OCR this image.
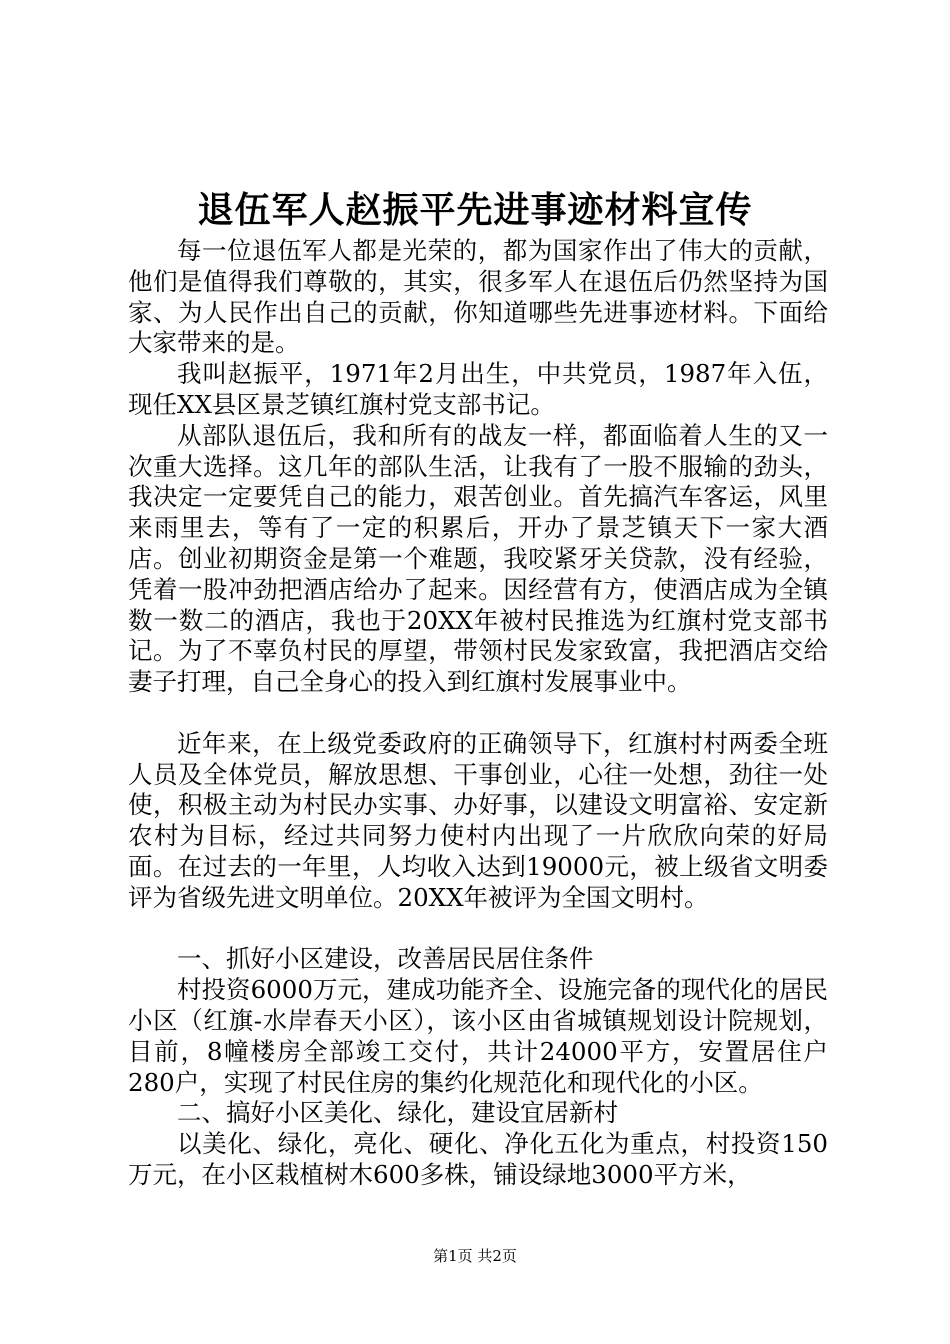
退伍军人赵振平先进事迹材料宣传

每一位退伍军人都是光荣的，都为国家作出了伟大的贡献，他们是值得我们尊敬的，其实，很多军人在退伍后仍然坚持为国家、为人民作出自己的贡献，你知道哪些先进事迹材料。下面给大家带来的是。

我叫赵振平，1971年2月出生，中共党员，1987年入伍，现任XX县区景芝镇红旗村党支部书记。

从部队退伍后，我和所有的战友一样，都面临着人生的又一次重大选择。这几年的部队生活，让我有了一股不服输的劲头，我决定一定要凭自己的能力，艰苦创业。首先搞汽车客运，风里来雨里去，等有了一定的积累后，开办了景芝镇天下一家大酒店。创业初期资金是第一个难题，我咬紧牙关贷款，没有经验，凭着一股冲劲把酒店给办了起来。因经营有方，使酒店成为全镇数一数二的酒店，我也于20XX年被村民推选为红旗村党支部书记。为了不辜负村民的厚望，带领村民发家致富，我把酒店交给妻子打理，自己全身心的投入到红旗村发展事业中。

近年来，在上级党委政府的正确领导下，红旗村村两委全班人员及全体党员，解放思想、干事创业，心往一处想，劲往一处使，积极主动为村民办实事、办好事，以建设文明富裕、安定新农村为目标，经过共同努力使村内出现了一片欣欣向荣的好局面。在过去的一年里，人均收入达到19000元，被上级省文明委评为省级先进文明单位。20XX年被评为全国文明村。

一、抓好小区建设，改善居民居住条件

村投资6000万元，建成功能齐全、设施完备的现代化的居民小区（红旗-水岸春天小区），该小区由省城镇规划设计院规划，目前，8幢楼房全部竣工交付，共计24000平方，安置居住户280户，实现了村民住房的集约化规范化和现代化的小区。

二、搞好小区美化、绿化，建设宜居新村

以美化、绿化，亮化、硬化、净化五化为重点，村投资150万元，在小区栽植树木600多株，铺设绿地3000平方米，

第1页 共2页
